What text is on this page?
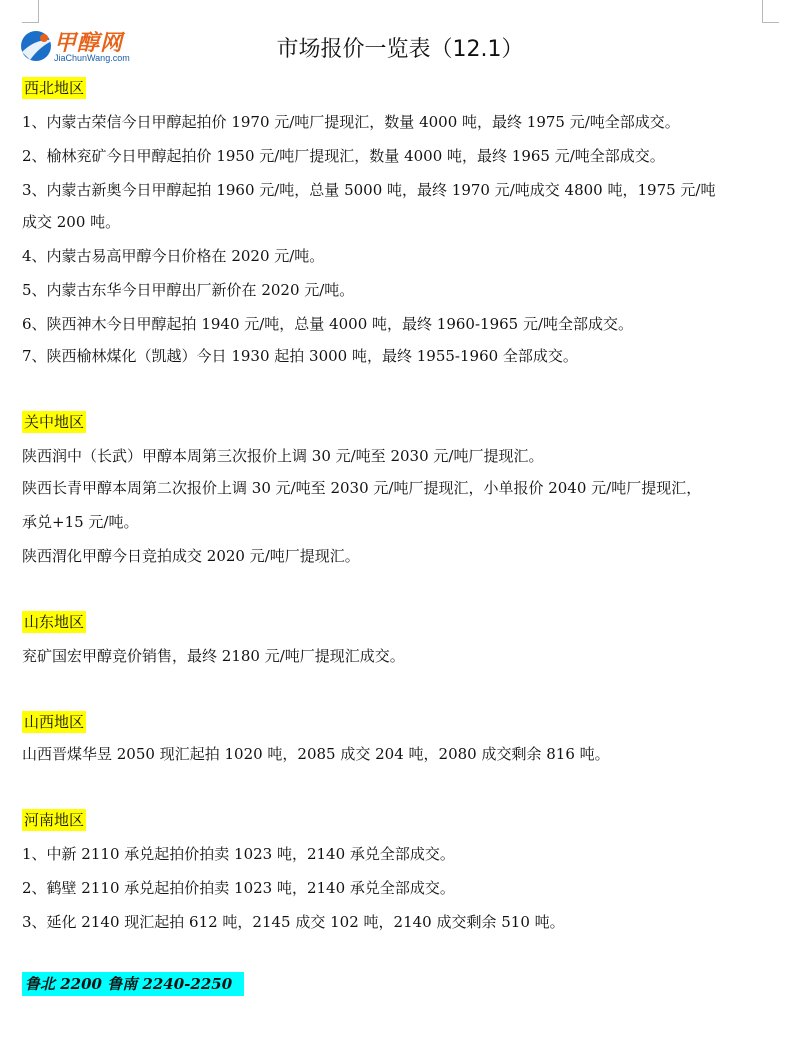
甲醇网
JiaChunWang.com	市场报价一览表（12.1）
西北地区
1、内蒙古荣信今日甲醇起拍价 1970 元/吨厂提现汇，数量 4000 吨，最终 1975 元/吨全部成交。
2、榆林兖矿今日甲醇起拍价 1950 元/吨厂提现汇，数量 4000 吨，最终 1965 元/吨全部成交。
3、内蒙古新奥今日甲醇起拍 1960 元/吨，总量 5000 吨，最终 1970 元/吨成交 4800 吨，1975 元/吨
成交 200 吨。
4、内蒙古易高甲醇今日价格在 2020 元/吨。
5、内蒙古东华今日甲醇出厂新价在 2020 元/吨。
6、陕西神木今日甲醇起拍 1940 元/吨，总量 4000 吨，最终 1960-1965 元/吨全部成交。
7、陕西榆林煤化（凯越）今日 1930 起拍 3000 吨，最终 1955-1960 全部成交。
关中地区
陕西润中（长武）甲醇本周第三次报价上调 30 元/吨至 2030 元/吨厂提现汇。
陕西长青甲醇本周第二次报价上调 30 元/吨至 2030 元/吨厂提现汇，小单报价 2040 元/吨厂提现汇，
承兑+15 元/吨。
陕西渭化甲醇今日竞拍成交 2020 元/吨厂提现汇。
山东地区
兖矿国宏甲醇竞价销售，最终 2180 元/吨厂提现汇成交。
山西地区
山西晋煤华昱 2050 现汇起拍 1020 吨，2085 成交 204 吨，2080 成交剩余 816 吨。
河南地区
1、中新 2110 承兑起拍价拍卖 1023 吨，2140 承兑全部成交。
2、鹤壁 2110 承兑起拍价拍卖 1023 吨，2140 承兑全部成交。
3、延化 2140 现汇起拍 612 吨，2145 成交 102 吨，2140 成交剩余 510 吨。
鲁北 2200 鲁南 2240-2250
